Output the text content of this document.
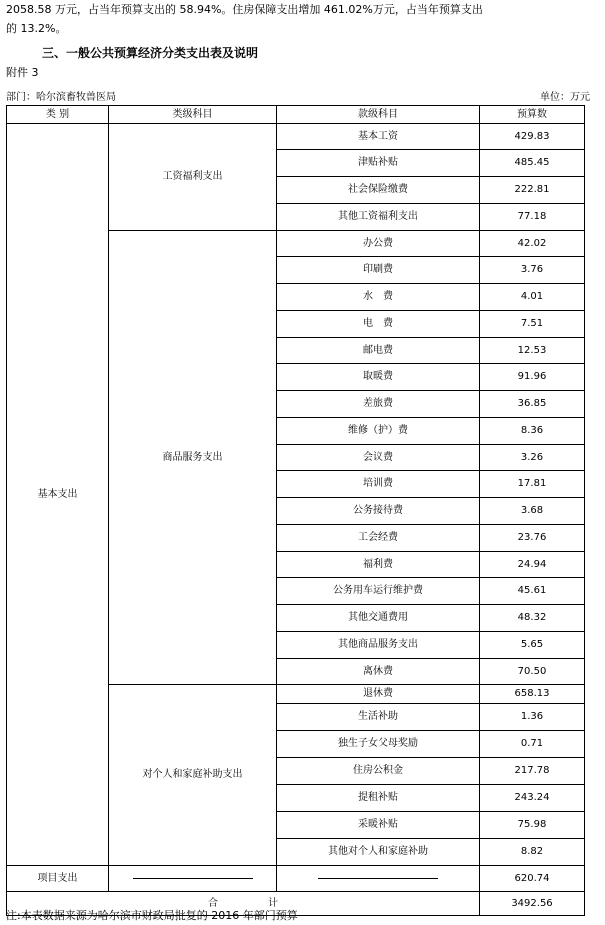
2058.58 万元，占当年预算支出的 58.94%。住房保障支出增加 461.02%万元，占当年预算支出
的 13.2%。
三、一般公共预算经济分类支出表及说明
附件 3
部门：哈尔滨畜牧兽医局	单位：万元
类 别	类级科目	款级科目	预算数
基本支出	工资福利支出	基本工资	429.83
		津贴补贴	485.45
		社会保险缴费	222.81
		其他工资福利支出	77.18
	商品服务支出	办公费	42.02
		印刷费	3.76
		水　费	4.01
		电　费	7.51
		邮电费	12.53
		取暖费	91.96
		差旅费	36.85
		维修（护）费	8.36
		会议费	3.26
		培训费	17.81
		公务接待费	3.68
		工会经费	23.76
		福利费	24.94
		公务用车运行维护费	45.61
		其他交通费用	48.32
		其他商品服务支出	5.65
		离休费	70.50
	对个人和家庭补助支出	退休费	658.13
		生活补助	1.36
		独生子女父母奖励	0.71
		住房公积金	217.78
		提租补贴	243.24
		采暖补贴	75.98
		其他对个人和家庭补助	8.82
项目支出			620.74
合　　　　　计			3492.56
注:本表数据来源为哈尔滨市财政局批复的 2016 年部门预算
